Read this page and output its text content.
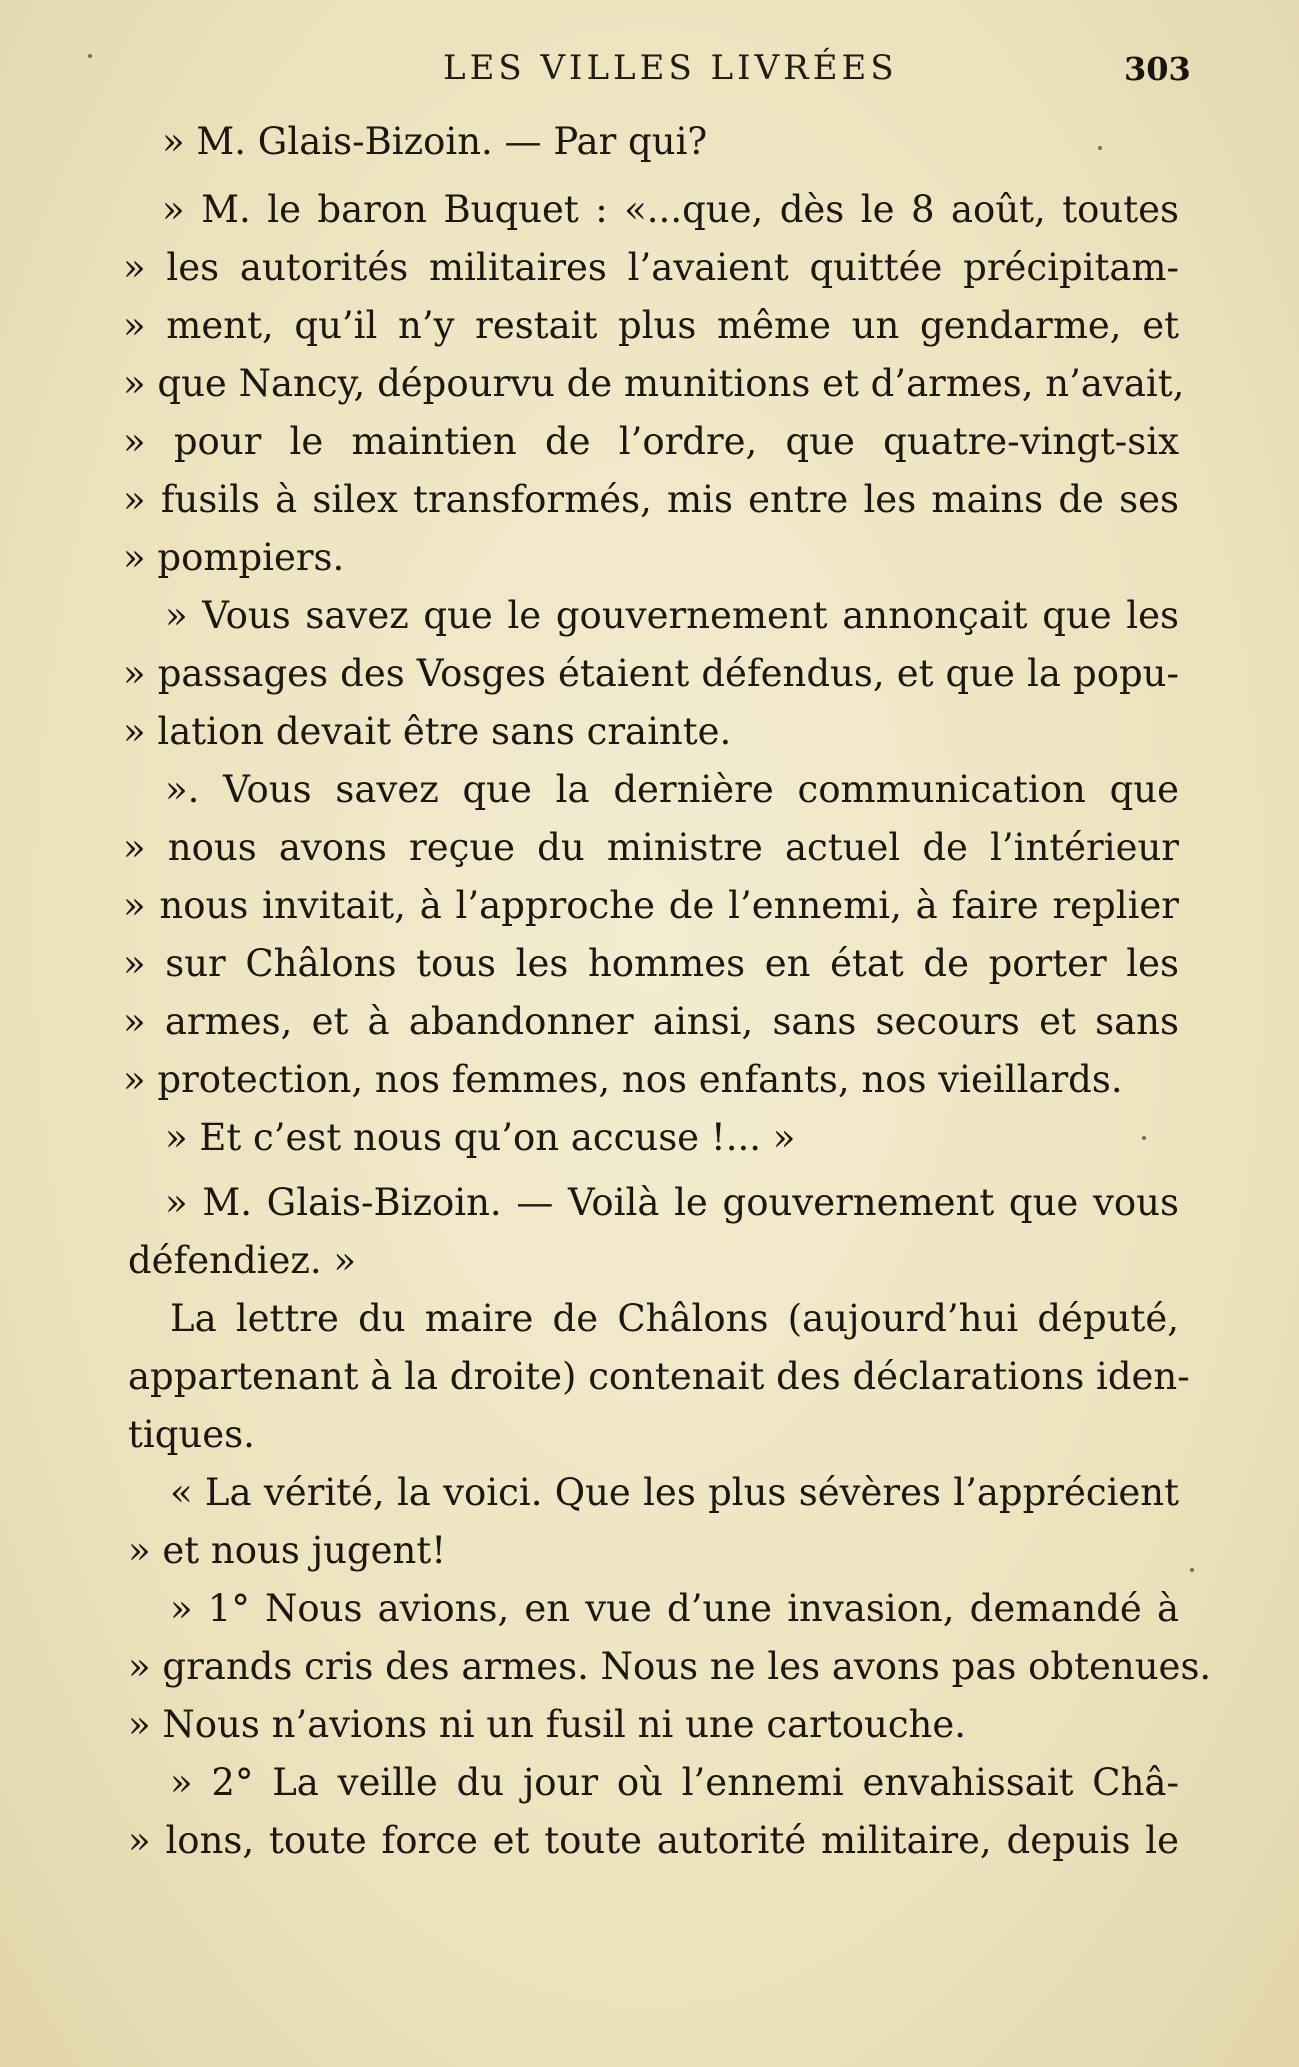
LES VILLES LIVRÉES	303
» M. Glais-Bizoin. — Par qui?
» M. le baron Buquet : «...que, dès le 8 août, toutes
» les autorités militaires l’avaient quittée précipitam-
» ment, qu’il n’y restait plus même un gendarme, et
» que Nancy, dépourvu de munitions et d’armes, n’avait,
» pour le maintien de l’ordre, que quatre-vingt-six
» fusils à silex transformés, mis entre les mains de ses
» pompiers.
» Vous savez que le gouvernement annonçait que les
» passages des Vosges étaient défendus, et que la popu-
» lation devait être sans crainte.
». Vous savez que la dernière communication que
» nous avons reçue du ministre actuel de l’intérieur
» nous invitait, à l’approche de l’ennemi, à faire replier
» sur Châlons tous les hommes en état de porter les
» armes, et à abandonner ainsi, sans secours et sans
» protection, nos femmes, nos enfants, nos vieillards.
» Et c’est nous qu’on accuse !... »
» M. Glais-Bizoin. — Voilà le gouvernement que vous
défendiez. »
La lettre du maire de Châlons (aujourd’hui député,
appartenant à la droite) contenait des déclarations iden-
tiques.
« La vérité, la voici. Que les plus sévères l’apprécient
» et nous jugent!
» 1° Nous avions, en vue d’une invasion, demandé à
» grands cris des armes. Nous ne les avons pas obtenues.
» Nous n’avions ni un fusil ni une cartouche.
» 2° La veille du jour où l’ennemi envahissait Châ-
» lons, toute force et toute autorité militaire, depuis le
